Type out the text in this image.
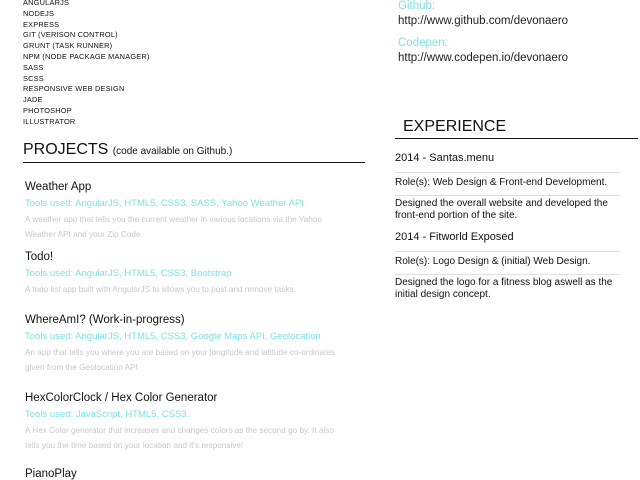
ANGULARJS
NODEJS
EXPRESS
GIT (VERISON CONTROL)
GRUNT (TASK RUNNER)
NPM (NODE PACKAGE MANAGER)
SASS
SCSS
RESPONSIVE WEB DESIGN
JADE
PHOTOSHOP
ILLUSTRATOR
PROJECTS (code available on Github.)
Weather App
Tools used: AngularJS, HTML5, CSS3, SASS, Yahoo Weather API
A weather app that tells you the current weather in various locations via the Yahoo Weather API and your Zip Code
Todo!
Tools used: AngularJS, HTML5, CSS3, Bootstrap
A todo list app built with AngularJS to allows you to post and remove tasks.
WhereAmI? (Work-in-progress)
Tools used: AngularJS, HTML5, CSS3, Google Maps API, Geolocation
An app that tells you where you are based on your longitude and latitude co-ordinates given from the Geolocation API.
HexColorClock / Hex Color Generator
Tools used: JavaScript, HTML5, CSS3.
A Hex Color generator that increases and changes colors as the second go by. It also tells you the time based on your location and it's responsive!
PianoPlay
Github:
http://www.github.com/devonaero
Codepen:
http://www.codepen.io/devonaero
EXPERIENCE
2014 - Santas.menu
Role(s): Web Design & Front-end Development.
Designed the overall website and developed the front-end portion of the site.
2014 - Fitworld Exposed
Role(s): Logo Design & (initial) Web Design.
Designed the logo for a fitness blog aswell as the initial design concept.
